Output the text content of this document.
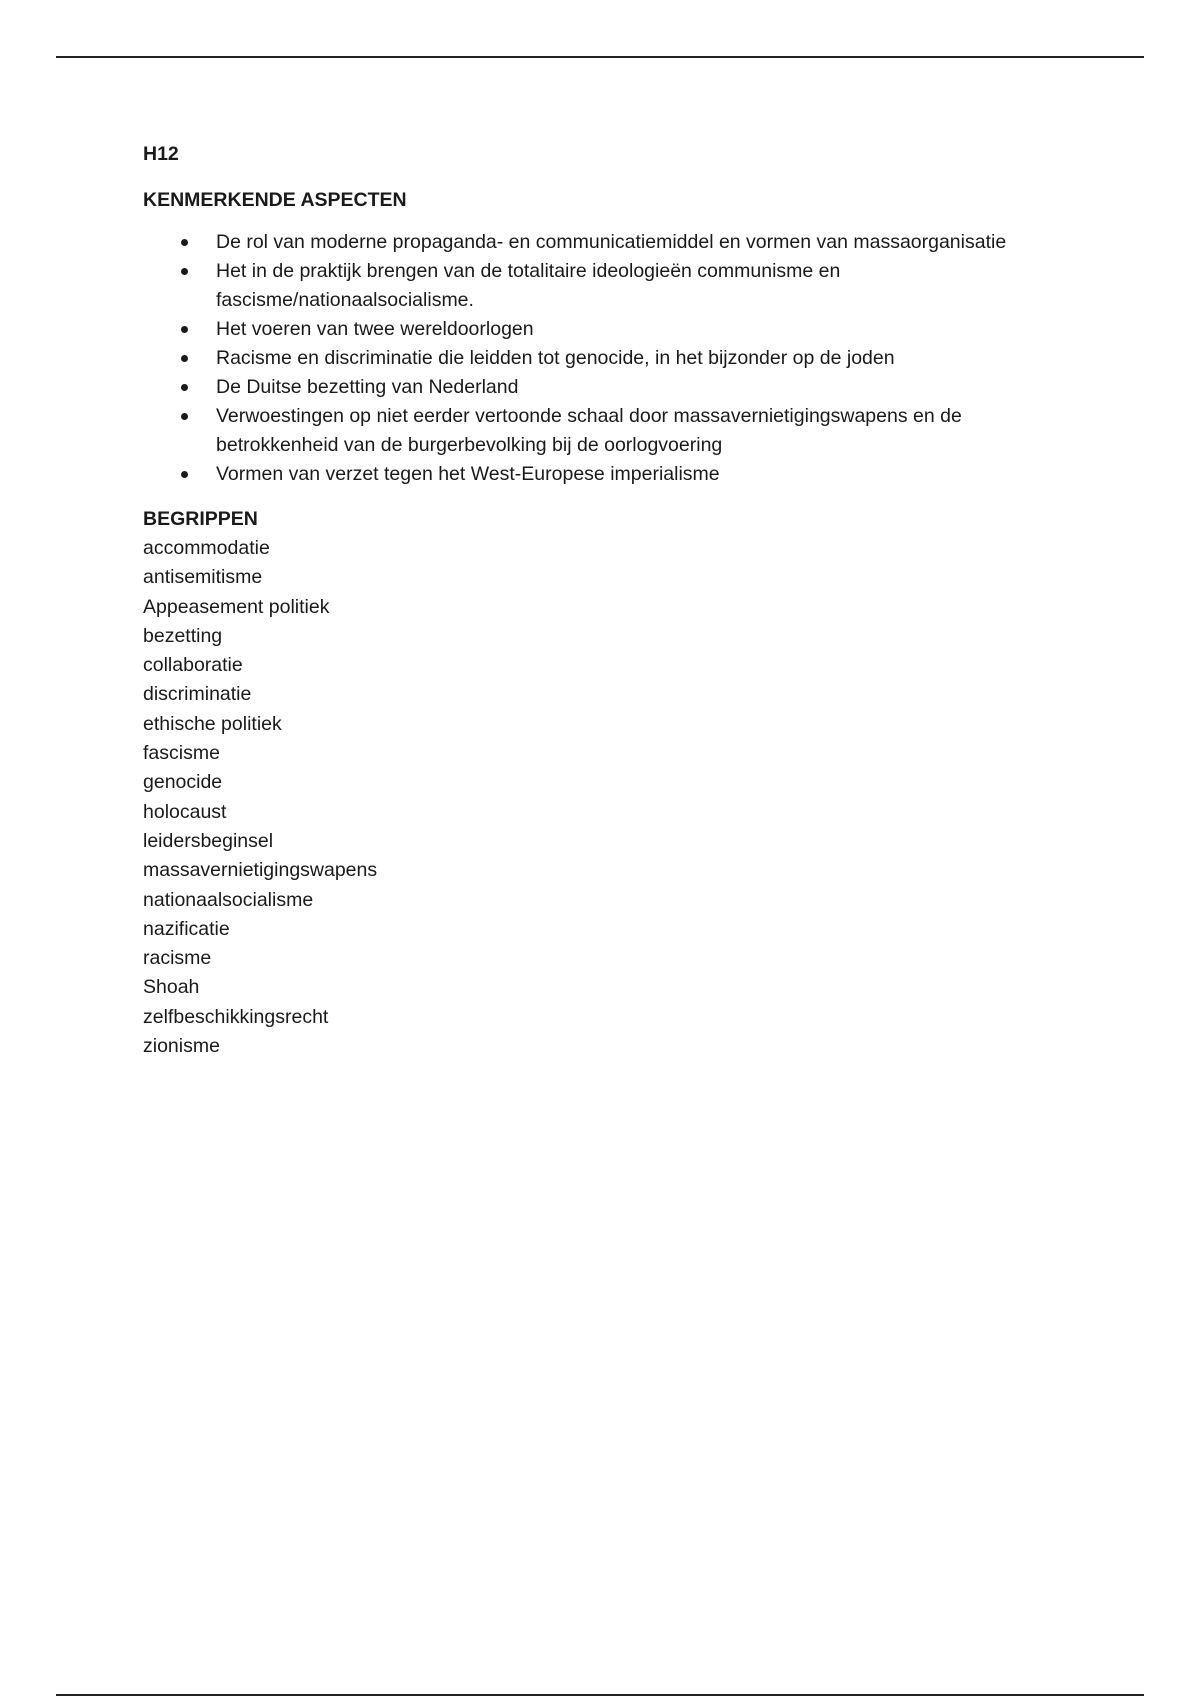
H12

KENMERKENDE ASPECTEN

De rol van moderne propaganda- en communicatiemiddel en vormen van massaorganisatie
Het in de praktijk brengen van de totalitaire ideologieën communisme en fascisme/nationaalsocialisme.
Het voeren van twee wereldoorlogen
Racisme en discriminatie die leidden tot genocide, in het bijzonder op de joden
De Duitse bezetting van Nederland
Verwoestingen op niet eerder vertoonde schaal door massavernietigingswapens en de betrokkenheid van de burgerbevolking bij de oorlogvoering
Vormen van verzet tegen het West-Europese imperialisme

BEGRIPPEN

accommodatie
antisemitisme
Appeasement politiek
bezetting
collaboratie
discriminatie
ethische politiek
fascisme
genocide
holocaust
leidersbeginsel
massavernietigingswapens
nationaalsocialisme
nazificatie
racisme
Shoah
zelfbeschikkingsrecht
zionisme
